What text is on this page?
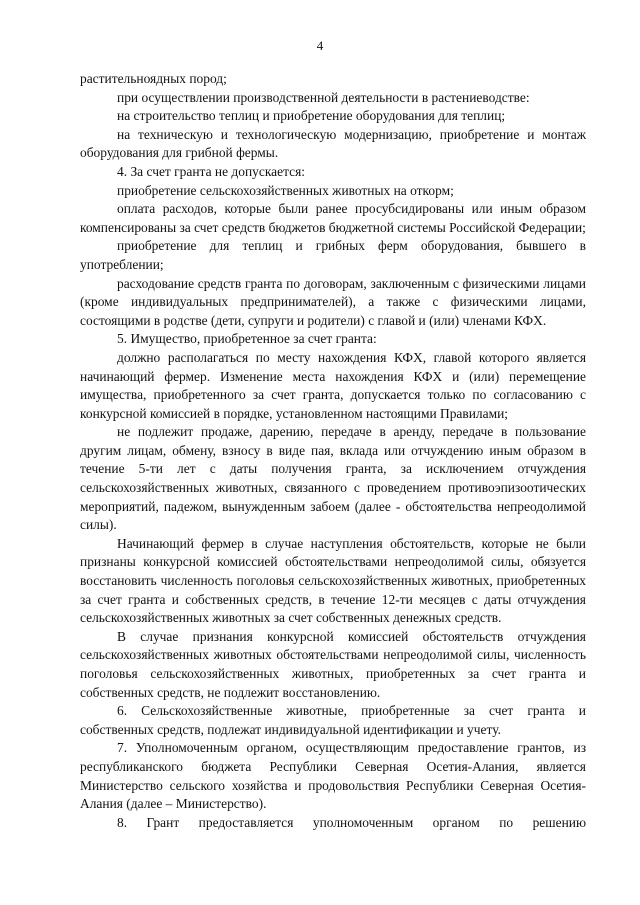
4

растительноядных пород;

при осуществлении производственной деятельности в растениеводстве:

на строительство теплиц и приобретение оборудования для теплиц;

на техническую и технологическую модернизацию, приобретение и монтаж оборудования для грибной фермы.

4. За счет гранта не допускается:

приобретение сельскохозяйственных животных на откорм;

оплата расходов, которые были ранее просубсидированы или иным образом компенсированы за счет средств бюджетов бюджетной системы Российской Федерации;

приобретение для теплиц и грибных ферм оборудования, бывшего в употреблении;

расходование средств гранта по договорам, заключенным с физическими лицами (кроме индивидуальных предпринимателей), а также с физическими лицами, состоящими в родстве (дети, супруги и родители) с главой и (или) членами КФХ.

5. Имущество, приобретенное за счет гранта:

должно располагаться по месту нахождения КФХ, главой которого является начинающий фермер. Изменение места нахождения КФХ и (или) перемещение имущества, приобретенного за счет гранта, допускается только по согласованию с конкурсной комиссией в порядке, установленном настоящими Правилами;

не подлежит продаже, дарению, передаче в аренду, передаче в пользование другим лицам, обмену, взносу в виде пая, вклада или отчуждению иным образом в течение 5-ти лет с даты получения гранта, за исключением отчуждения сельскохозяйственных животных, связанного с проведением противоэпизоотических мероприятий, падежом, вынужденным забоем (далее - обстоятельства непреодолимой силы).

Начинающий фермер в случае наступления обстоятельств, которые не были признаны конкурсной комиссией обстоятельствами непреодолимой силы, обязуется восстановить численность поголовья сельскохозяйственных животных, приобретенных за счет гранта и собственных средств, в течение 12-ти месяцев с даты отчуждения сельскохозяйственных животных за счет собственных денежных средств.

В случае признания конкурсной комиссией обстоятельств отчуждения сельскохозяйственных животных обстоятельствами непреодолимой силы, численность поголовья сельскохозяйственных животных, приобретенных за счет гранта и собственных средств, не подлежит восстановлению.

6. Сельскохозяйственные животные, приобретенные за счет гранта и собственных средств, подлежат индивидуальной идентификации и учету.

7. Уполномоченным органом, осуществляющим предоставление грантов, из республиканского бюджета Республики Северная Осетия-Алания, является Министерство сельского хозяйства и продовольствия Республики Северная Осетия-Алания (далее – Министерство).

8. Грант предоставляется уполномоченным органом по решению
